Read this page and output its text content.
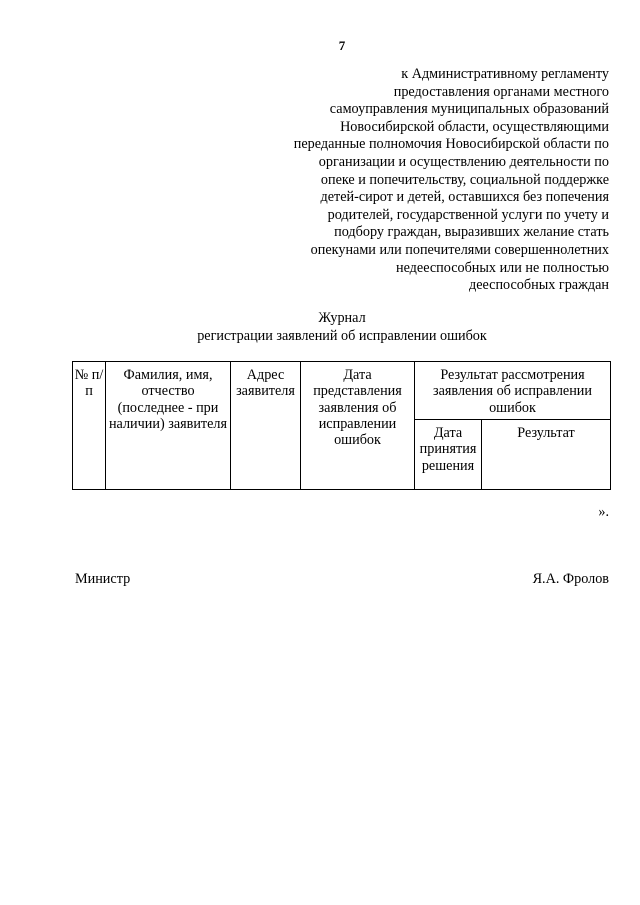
7
к Административному регламенту
предоставления органами местного
самоуправления муниципальных образований
Новосибирской области, осуществляющими
переданные полномочия Новосибирской области по
организации и осуществлению деятельности по
опеке и попечительству, социальной поддержке
детей-сирот и детей, оставшихся без попечения
родителей, государственной услуги по учету и
подбору граждан, выразивших желание стать
опекунами или попечителями совершеннолетних
недееспособных или не полностью
дееспособных граждан
Журнал
регистрации заявлений об исправлении ошибок
№ п/п	Фамилия, имя, отчество (последнее - при наличии) заявителя	Адрес заявителя	Дата представления заявления об исправлении ошибок	Результат рассмотрения заявления об исправлении ошибок	
				Дата принятия решения	Результат
».
Министр	Я.А. Фролов
